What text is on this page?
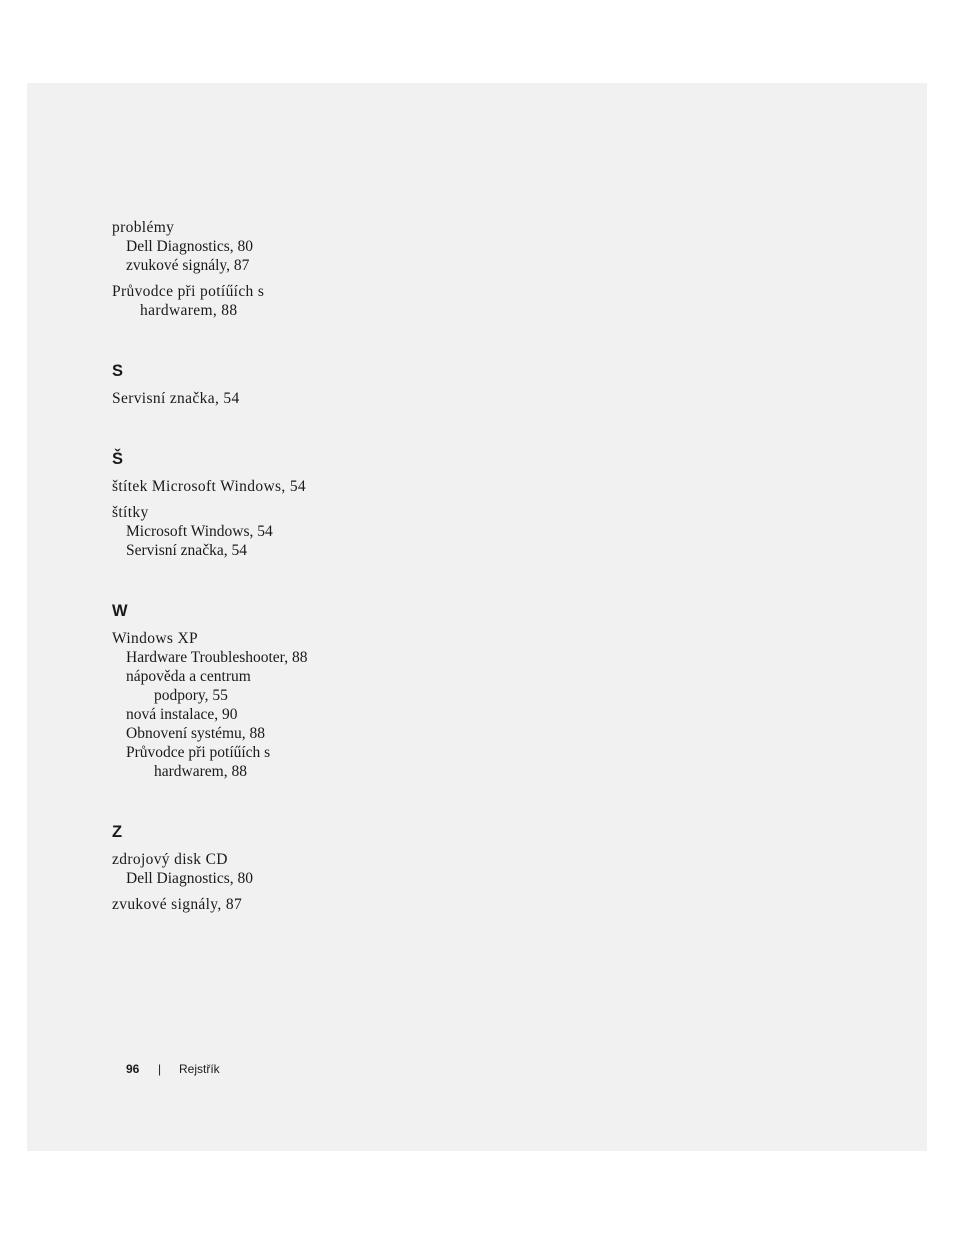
problémy
Dell Diagnostics, 80
zvukové signály, 87
Průvodce při potíűích s
hardwarem, 88
S
Servisní značka, 54
Š
štítek Microsoft Windows, 54
štítky
Microsoft Windows, 54
Servisní značka, 54
W
Windows XP
Hardware Troubleshooter, 88
nápověda a centrum
podpory, 55
nová instalace, 90
Obnovení systému, 88
Průvodce při potíűích s
hardwarem, 88
Z
zdrojový disk CD
Dell Diagnostics, 80
zvukové signály, 87
96 | Rejstřík
